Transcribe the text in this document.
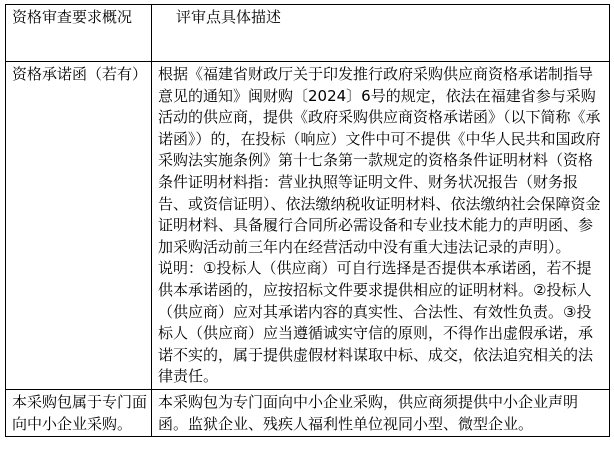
资格审查要求概况	评审点具体描述
资格承诺函（若有）	根据《福建省财政厅关于印发推行政府采购供应商资格承诺制指导意见的通知》闽财购〔2024〕6号的规定，依法在福建省参与采购活动的供应商，提供《政府采购供应商资格承诺函》（以下简称《承诺函》）的，在投标（响应）文件中可不提供《中华人民共和国政府采购法实施条例》第十七条第一款规定的资格条件证明材料（资格条件证明材料指：营业执照等证明文件、财务状况报告（财务报告、或资信证明）、依法缴纳税收证明材料、依法缴纳社会保障资金证明材料、具备履行合同所必需设备和专业技术能力的声明函、参加采购活动前三年内在经营活动中没有重大违法记录的声明）。
说明：①投标人（供应商）可自行选择是否提供本承诺函，若不提供本承诺函的，应按招标文件要求提供相应的证明材料。②投标人（供应商）应对其承诺内容的真实性、合法性、有效性负责。③投标人（供应商）应当遵循诚实守信的原则，不得作出虚假承诺，承诺不实的，属于提供虚假材料谋取中标、成交，依法追究相关的法律责任。

本采购包属于专门面向中小企业采购。	本采购包为专门面向中小企业采购，供应商须提供中小企业声明函。监狱企业、残疾人福利性单位视同小型、微型企业。
